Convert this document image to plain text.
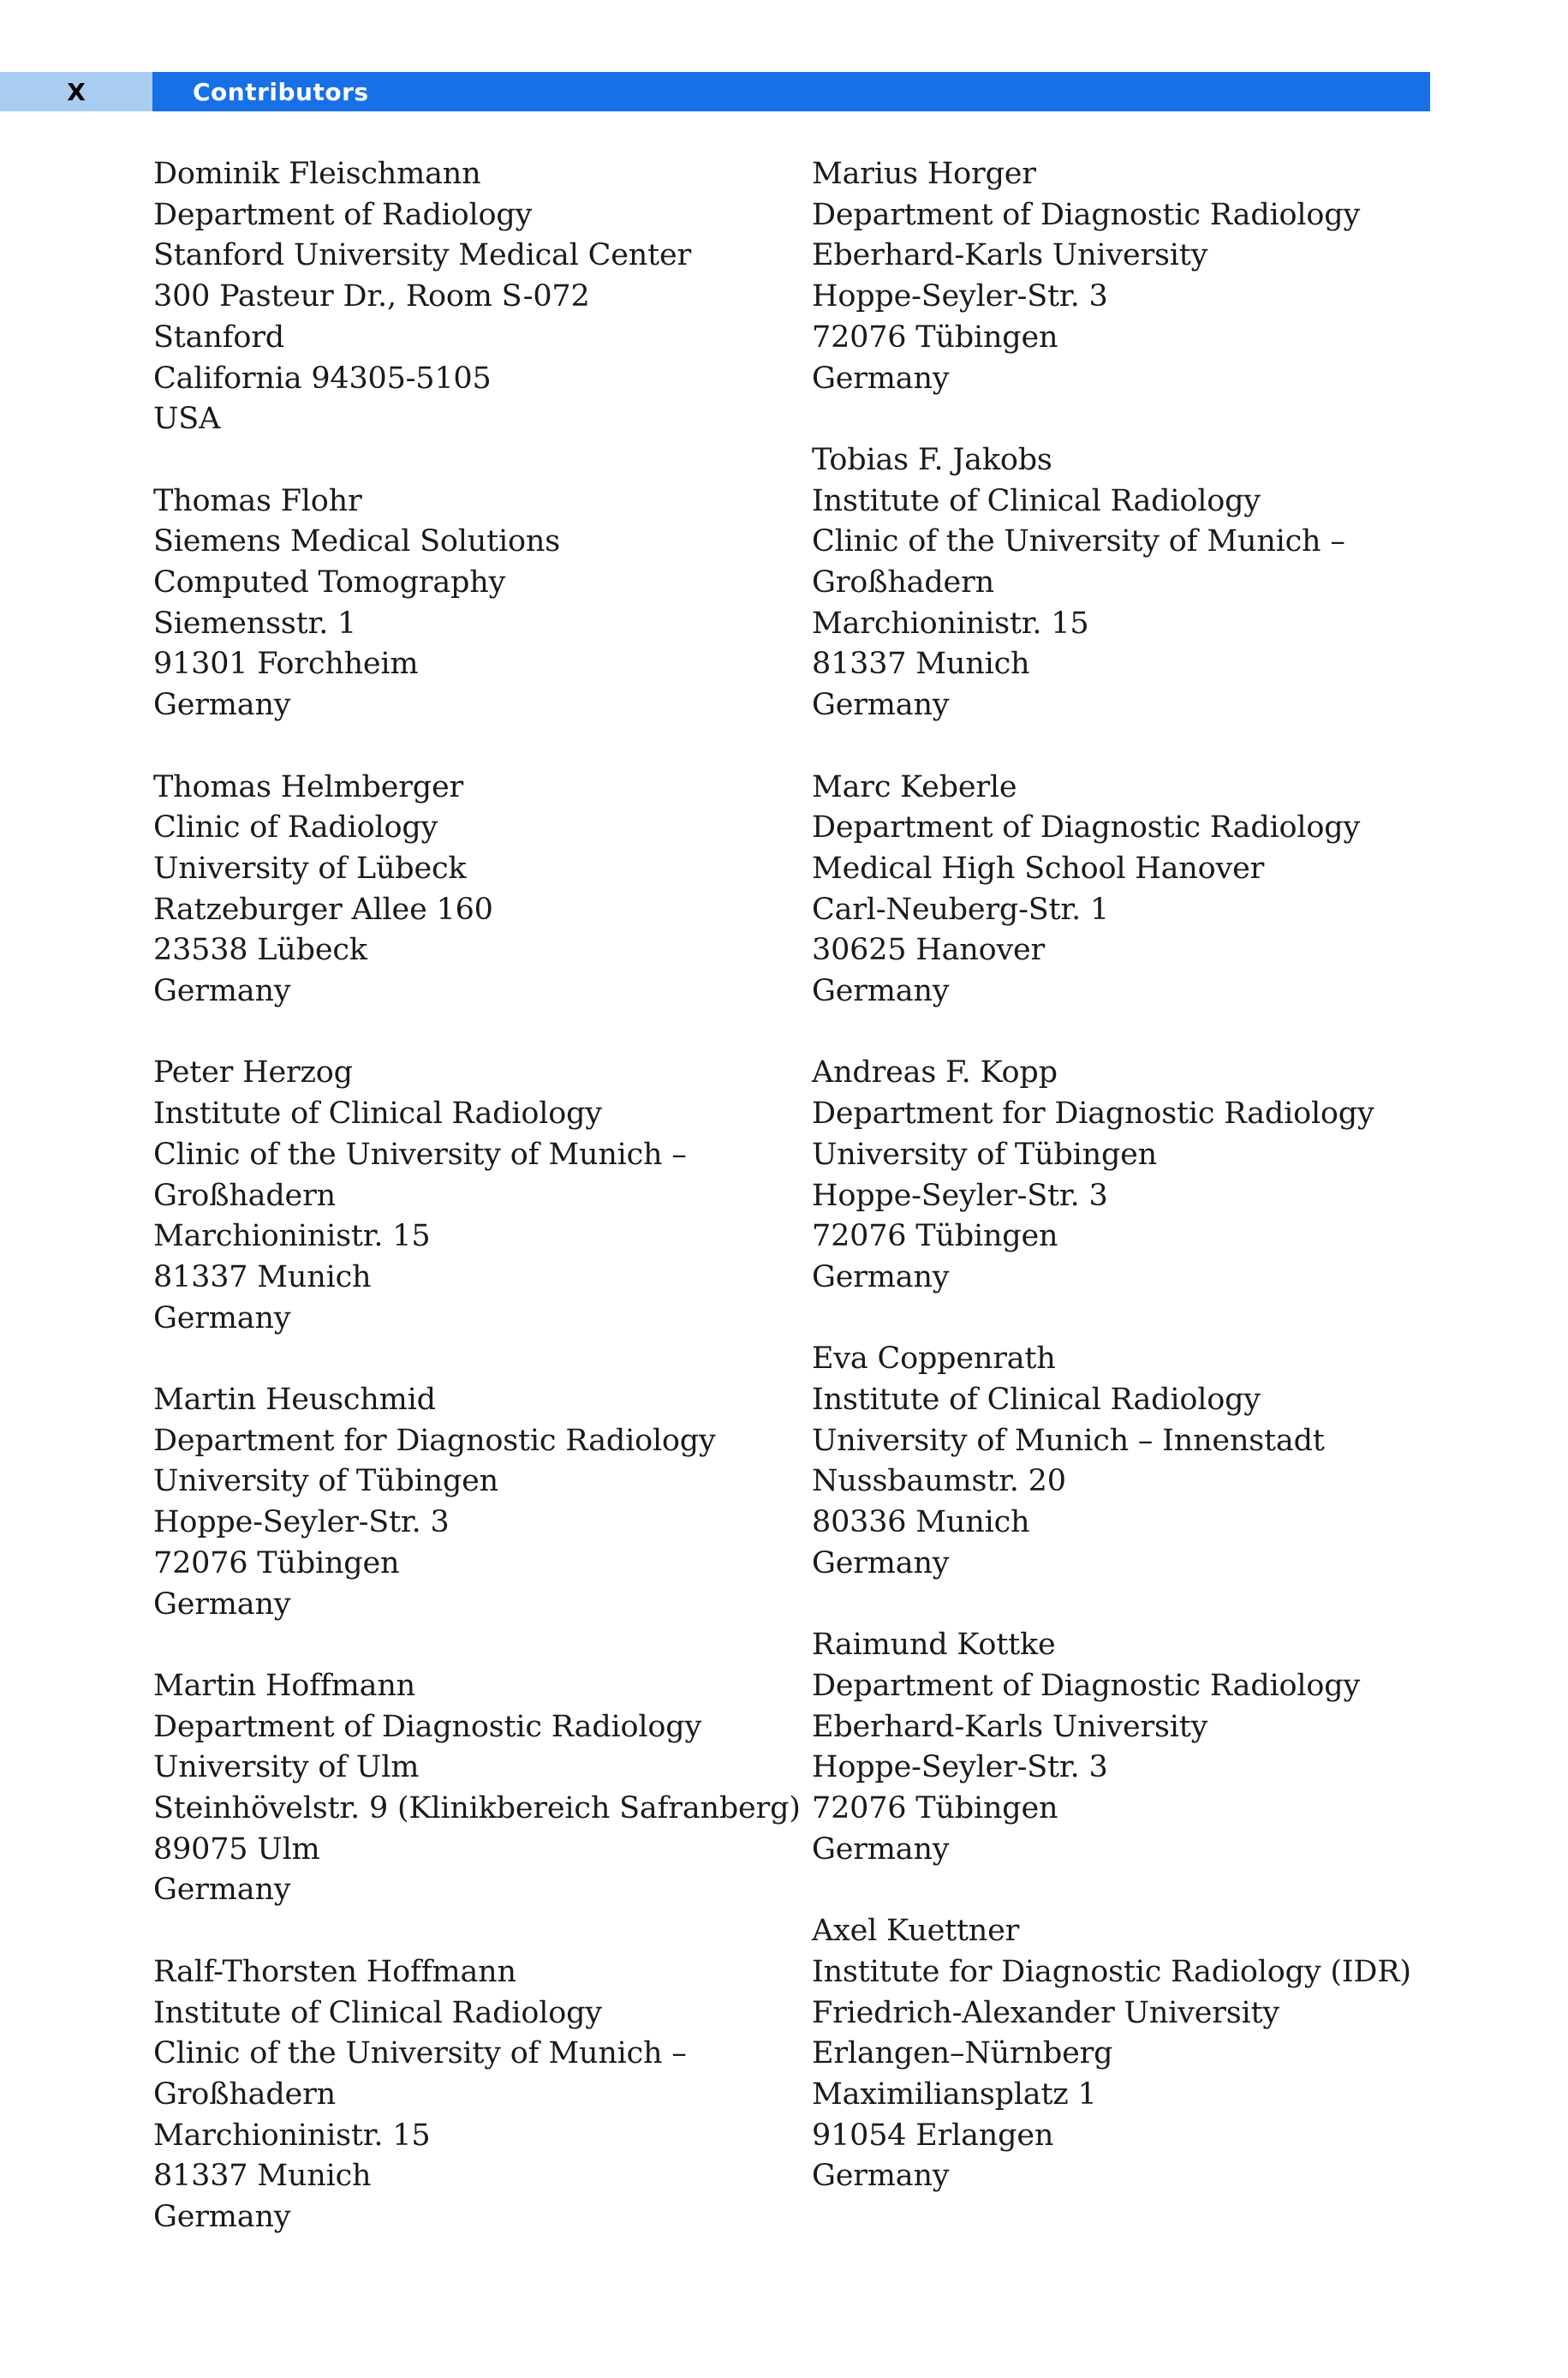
X	Contributors
Dominik Fleischmann
Department of Radiology
Stanford University Medical Center
300 Pasteur Dr., Room S-072
Stanford
California 94305-5105
USA
Thomas Flohr
Siemens Medical Solutions
Computed Tomography
Siemensstr. 1
91301 Forchheim
Germany
Thomas Helmberger
Clinic of Radiology
University of Lübeck
Ratzeburger Allee 160
23538 Lübeck
Germany
Peter Herzog
Institute of Clinical Radiology
Clinic of the University of Munich –
Großhadern
Marchioninistr. 15
81337 Munich
Germany
Martin Heuschmid
Department for Diagnostic Radiology
University of Tübingen
Hoppe-Seyler-Str. 3
72076 Tübingen
Germany
Martin Hoffmann
Department of Diagnostic Radiology
University of Ulm
Steinhövelstr. 9 (Klinikbereich Safranberg)
89075 Ulm
Germany
Ralf-Thorsten Hoffmann
Institute of Clinical Radiology
Clinic of the University of Munich –
Großhadern
Marchioninistr. 15
81337 Munich
Germany
Marius Horger
Department of Diagnostic Radiology
Eberhard-Karls University
Hoppe-Seyler-Str. 3
72076 Tübingen
Germany
Tobias F. Jakobs
Institute of Clinical Radiology
Clinic of the University of Munich –
Großhadern
Marchioninistr. 15
81337 Munich
Germany
Marc Keberle
Department of Diagnostic Radiology
Medical High School Hanover
Carl-Neuberg-Str. 1
30625 Hanover
Germany
Andreas F. Kopp
Department for Diagnostic Radiology
University of Tübingen
Hoppe-Seyler-Str. 3
72076 Tübingen
Germany
Eva Coppenrath
Institute of Clinical Radiology
University of Munich – Innenstadt
Nussbaumstr. 20
80336 Munich
Germany
Raimund Kottke
Department of Diagnostic Radiology
Eberhard-Karls University
Hoppe-Seyler-Str. 3
72076 Tübingen
Germany
Axel Kuettner
Institute for Diagnostic Radiology (IDR)
Friedrich-Alexander University
Erlangen–Nürnberg
Maximiliansplatz 1
91054 Erlangen
Germany
